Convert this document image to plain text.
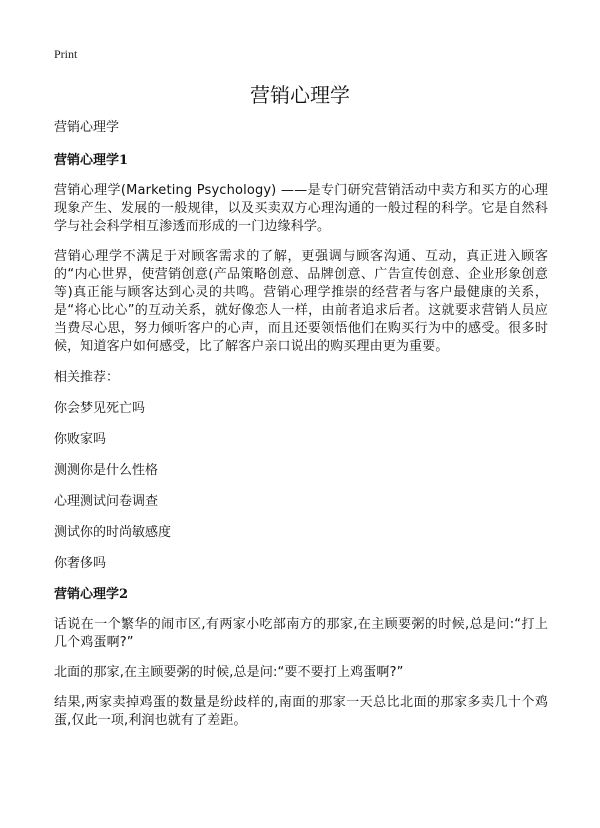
Print
营销心理学

营销心理学

营销心理学1

营销心理学(Marketing Psychology) ——是专门研究营销活动中卖方和买方的心理现象产生、发展的一般规律，以及买卖双方心理沟通的一般过程的科学。它是自然科学与社会科学相互渗透而形成的一门边缘科学。

营销心理学不满足于对顾客需求的了解，更强调与顾客沟通、互动，真正进入顾客的“内心世界，使营销创意(产品策略创意、品牌创意、广告宣传创意、企业形象创意等)真正能与顾客达到心灵的共鸣。营销心理学推崇的经营者与客户最健康的关系，是“将心比心”的互动关系，就好像恋人一样，由前者追求后者。这就要求营销人员应当费尽心思，努力倾听客户的心声，而且还要领悟他们在购买行为中的感受。很多时候，知道客户如何感受，比了解客户亲口说出的购买理由更为重要。

相关推荐：

你会梦见死亡吗
你败家吗
测测你是什么性格
心理测试问卷调查
测试你的时尚敏感度
你奢侈吗
营销心理学2

话说在一个繁华的闹市区,有两家小吃部南方的那家,在主顾要粥的时候,总是问:“打上几个鸡蛋啊?”

北面的那家,在主顾要粥的时候,总是问:“要不要打上鸡蛋啊?”

结果,两家卖掉鸡蛋的数量是纷歧样的,南面的那家一天总比北面的那家多卖几十个鸡蛋,仅此一项,利润也就有了差距。
